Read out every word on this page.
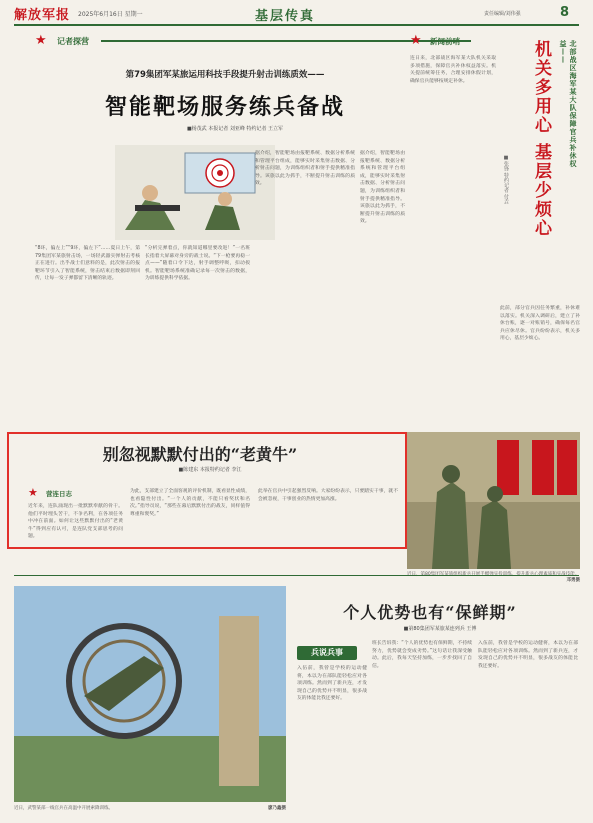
解放军报 2025年6月16日 星期一	基层传真	责任编辑/刘伟强	8
★ 记者探营
第79集团军某旅运用科技手段提升射击训练质效——
智能靶场服务练兵备战
■杨茂武 本报记者 刘亚峰 特约记者 王立军
“8环，偏左上”“9环，偏左下”……夏日上午，第79集团军某旅射击场，一场轻武器实弹射击考核正在进行。出乎战士们意料的是，此次射击的报靶环节引入了智能系统，射击结束后数据即刻回传，让每一发子弹都留下清晰的轨迹。
“分析完弹着点，你就知道哪里要改进！”一名班长指着大屏幕对身旁的战士说。“下一枪要再稳一点——”随着口令下达，射手调整呼吸，扣动扳机。智能靶场系统准确记录每一次射击的数据，为训练提供科学依据。
据介绍，智能靶场由报靶系统、数据分析系统和管理平台组成，能够实时采集射击数据、分析射击问题，为训练组织者和射手提供精准指导。该旅以此为抓手，不断提升射击训练的质效。
据介绍，智能靶场由报靶系统、数据分析系统和管理平台组成，能够实时采集射击数据、分析射击问题，为训练组织者和射手提供精准指导。该旅以此为抓手，不断提升射击训练的质效。
★ 新闻前哨	北部战区海军某大队保障官兵补休权益——
机关多用心 基层少烦心
■张锋 特约记者 付垚
连日来，北部战区海军某大队机关采取多项措施，保障官兵补休权益落实。机关提前统筹任务，合理安排休假计划，确保官兵能够按规定补休。
此前，部分官兵因任务繁重，补休难以落实。机关深入调研后，建立了补休台账，逐一对账销号，确保每名官兵应休尽休。官兵纷纷表示，机关多用心，基层少烦心。
别忽视默默付出的“老黄牛”
■陈建东 本报特约记者 李江
★ 营连日志
近年来，连队涌现出一批默默奉献的骨干。他们平时埋头苦干，不争名利，在各项任务中冲在前面。如何让这些默默付出的“老黄牛”得到应有认可，是连队党支部思考的问题。
为此，支部建立了全面客观的评价机制，既看显性成绩，也看隐性付出。“一个人的贡献，不能只看奖状和名次。”指导员说，“那些在幕后默默付出的战友，同样值得尊重和褒奖。”
此举在官兵中引起强烈反响。大家纷纷表示，只要踏实干事，就不会被忽视，干事创业的热情更加高涨。
邓勇摄
近日，武警某部一线官兵在高温中开展索降训练。	廖乃鑫摄
个人优势也有“保鲜期”
■第80集团军某旅某连列兵 王博
兵说兵事
入伍前，我曾是学校的运动健将，本以为在部队能轻松应对各项训练。然而到了新兵连，才发现自己的优势并不明显，很多战友的体能比我还要好。
班长告诉我：“个人的优势也有保鲜期，不持续努力，优势就会变成劣势。”这句话让我深受触动。此后，我每天坚持加练，一步步找回了自信。
入伍前，我曾是学校的运动健将，本以为在部队能轻松应对各项训练。然而到了新兵连，才发现自己的优势并不明显，很多战友的体能比我还要好。
